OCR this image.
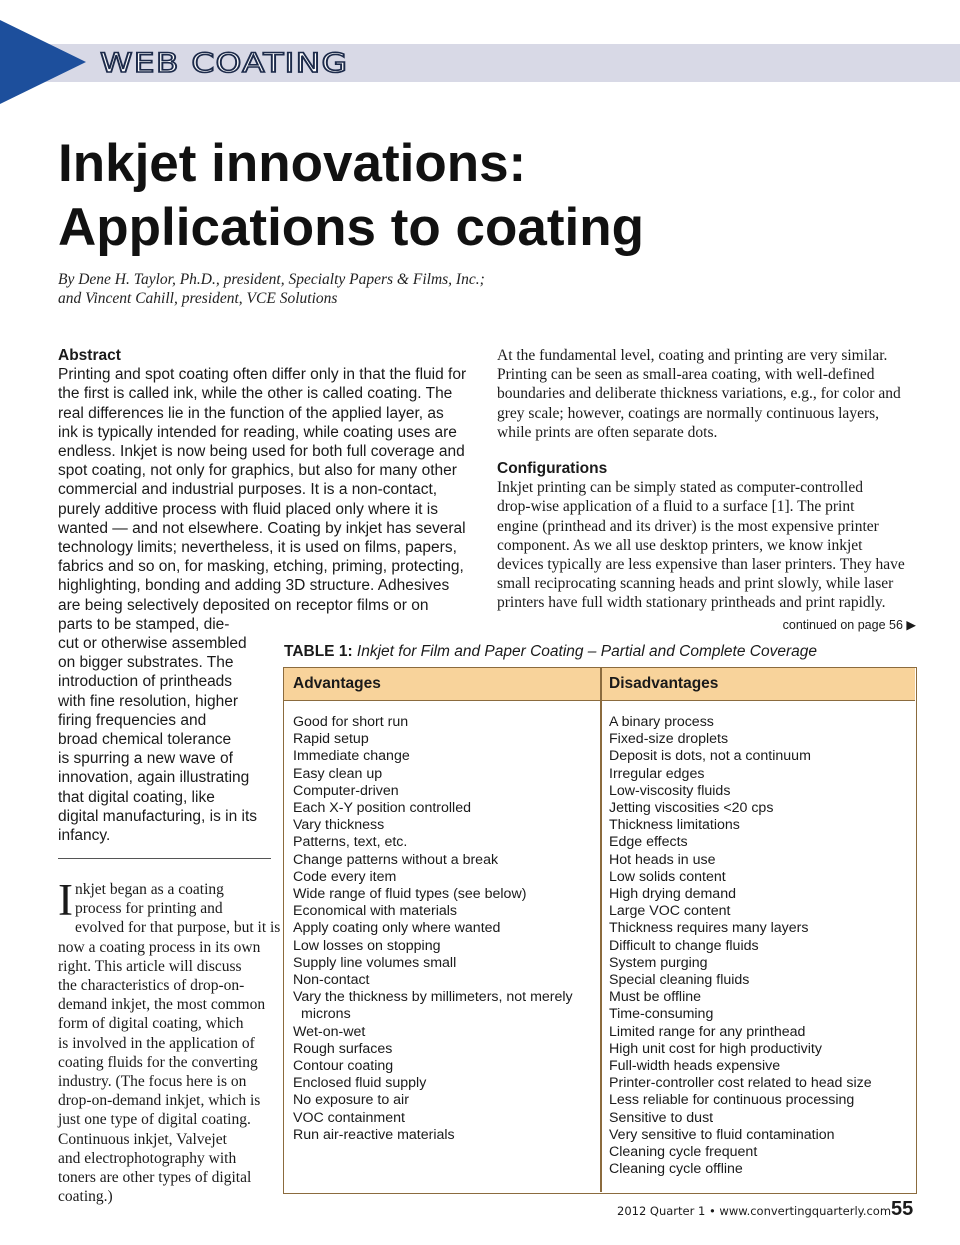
WEB COATING
Inkjet innovations:
Applications to coating
By Dene H. Taylor, Ph.D., president, Specialty Papers & Films, Inc.;
and Vincent Cahill, president, VCE Solutions
Abstract
Printing and spot coating often differ only in that the fluid for
the first is called ink, while the other is called coating. The
real differences lie in the function of the applied layer, as
ink is typically intended for reading, while coating uses are
endless. Inkjet is now being used for both full coverage and
spot coating, not only for graphics, but also for many other
commercial and industrial purposes. It is a non-contact,
purely additive process with fluid placed only where it is
wanted — and not elsewhere. Coating by inkjet has several
technology limits; nevertheless, it is used on films, papers,
fabrics and so on, for masking, etching, priming, protecting,
highlighting, bonding and adding 3D structure. Adhesives
are being selectively deposited on receptor films or on
parts to be stamped, die-
cut or otherwise assembled
on bigger substrates. The
introduction of printheads
with fine resolution, higher
firing frequencies and
broad chemical tolerance
is spurring a new wave of
innovation, again illustrating
that digital coating, like
digital manufacturing, is in its
infancy.
I nkjet began as a coating
process for printing and
evolved for that purpose, but it is
now a coating process in its own
right. This article will discuss
the characteristics of drop-on-
demand inkjet, the most common
form of digital coating, which
is involved in the application of
coating fluids for the converting
industry. (The focus here is on
drop-on-demand inkjet, which is
just one type of digital coating.
Continuous inkjet, Valvejet
and electrophotography with
toners are other types of digital
coating.)
At the fundamental level, coating and printing are very similar.
Printing can be seen as small-area coating, with well-defined
boundaries and deliberate thickness variations, e.g., for color and
grey scale; however, coatings are normally continuous layers,
while prints are often separate dots.
Configurations
Inkjet printing can be simply stated as computer-controlled
drop-wise application of a fluid to a surface [1]. The print
engine (printhead and its driver) is the most expensive printer
component. As we all use desktop printers, we know inkjet
devices typically are less expensive than laser printers. They have
small reciprocating scanning heads and print slowly, while laser
printers have full width stationary printheads and print rapidly.
continued on page 56 ▶
TABLE 1: Inkjet for Film and Paper Coating – Partial and Complete Coverage
Advantages	Disadvantages
Good for short run
Rapid setup
Immediate change
Easy clean up
Computer-driven
Each X-Y position controlled
Vary thickness
Patterns, text, etc.
Change patterns without a break
Code every item
Wide range of fluid types (see below)
Economical with materials
Apply coating only where wanted
Low losses on stopping
Supply line volumes small
Non-contact
Vary the thickness by millimeters, not merely
microns
Wet-on-wet
Rough surfaces
Contour coating
Enclosed fluid supply
No exposure to air
VOC containment
Run air-reactive materials
A binary process
Fixed-size droplets
Deposit is dots, not a continuum
Irregular edges
Low-viscosity fluids
Jetting viscosities <20 cps
Thickness limitations
Edge effects
Hot heads in use
Low solids content
High drying demand
Large VOC content
Thickness requires many layers
Difficult to change fluids
System purging
Special cleaning fluids
Must be offline
Time-consuming
Limited range for any printhead
High unit cost for high productivity
Full-width heads expensive
Printer-controller cost related to head size
Less reliable for continuous processing
Sensitive to dust
Very sensitive to fluid contamination
Cleaning cycle frequent
Cleaning cycle offline
2012 Quarter 1 • www.convertingquarterly.com 55
